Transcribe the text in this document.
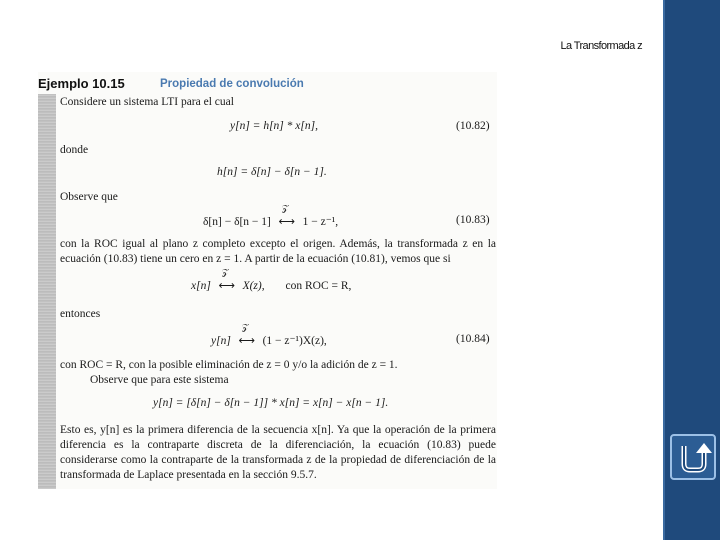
La Transformada z
Ejemplo 10.15	Propiedad de convolución
Considere un sistema LTI para el cual
y[n] = h[n] * x[n],	(10.82)
donde
h[n] = δ[n] − δ[n − 1].
Observe que
δ[n] − δ[n − 1]
𝒵
⟷ 1 − z⁻¹,	(10.83)
con la ROC igual al plano z completo excepto el origen. Además, la transformada z en la ecuación (10.83) tiene un cero en z = 1. A partir de la ecuación (10.81), vemos que si
x[n]
𝒵
⟷ X(z), con ROC = R,
entonces
y[n]
𝒵
⟷ (1 − z⁻¹)X(z),	(10.84)
con ROC = R, con la posible eliminación de z = 0 y/o la adición de z = 1.
Observe que para este sistema
y[n] = [δ[n] − δ[n − 1]] * x[n] = x[n] − x[n − 1].
Esto es, y[n] es la primera diferencia de la secuencia x[n]. Ya que la operación de la primera diferencia es la contraparte discreta de la diferenciación, la ecuación (10.83) puede considerarse como la contraparte de la transformada z de la propiedad de diferenciación de la transformada de Laplace presentada en la sección 9.5.7.
